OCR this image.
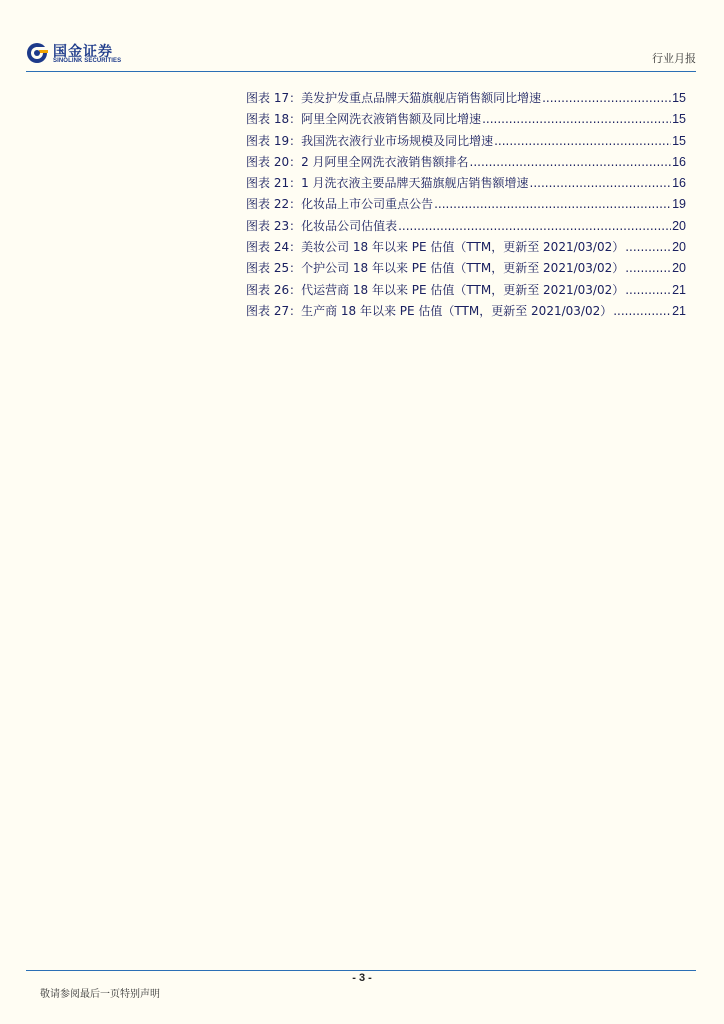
国金证券
SINOLINK SECURITIES	行业月报
图表 17：美发护发重点品牌天猫旗舰店销售额同比增速 .....	15
图表 18：阿里全网洗衣液销售额及同比增速 .....	15
图表 19：我国洗衣液行业市场规模及同比增速 .....	15
图表 20：2 月阿里全网洗衣液销售额排名 .....	16
图表 21：1 月洗衣液主要品牌天猫旗舰店销售额增速 .....	16
图表 22：化妆品上市公司重点公告 .....	19
图表 23：化妆品公司估值表 .....	20
图表 24：美妆公司 18 年以来 PE 估值（TTM，更新至 2021/03/02） .....	20
图表 25：个护公司 18 年以来 PE 估值（TTM，更新至 2021/03/02） .....	20
图表 26：代运营商 18 年以来 PE 估值（TTM，更新至 2021/03/02） .....	21
图表 27：生产商 18 年以来 PE 估值（TTM，更新至 2021/03/02） .....	21
- 3 -
敬请参阅最后一页特别声明
